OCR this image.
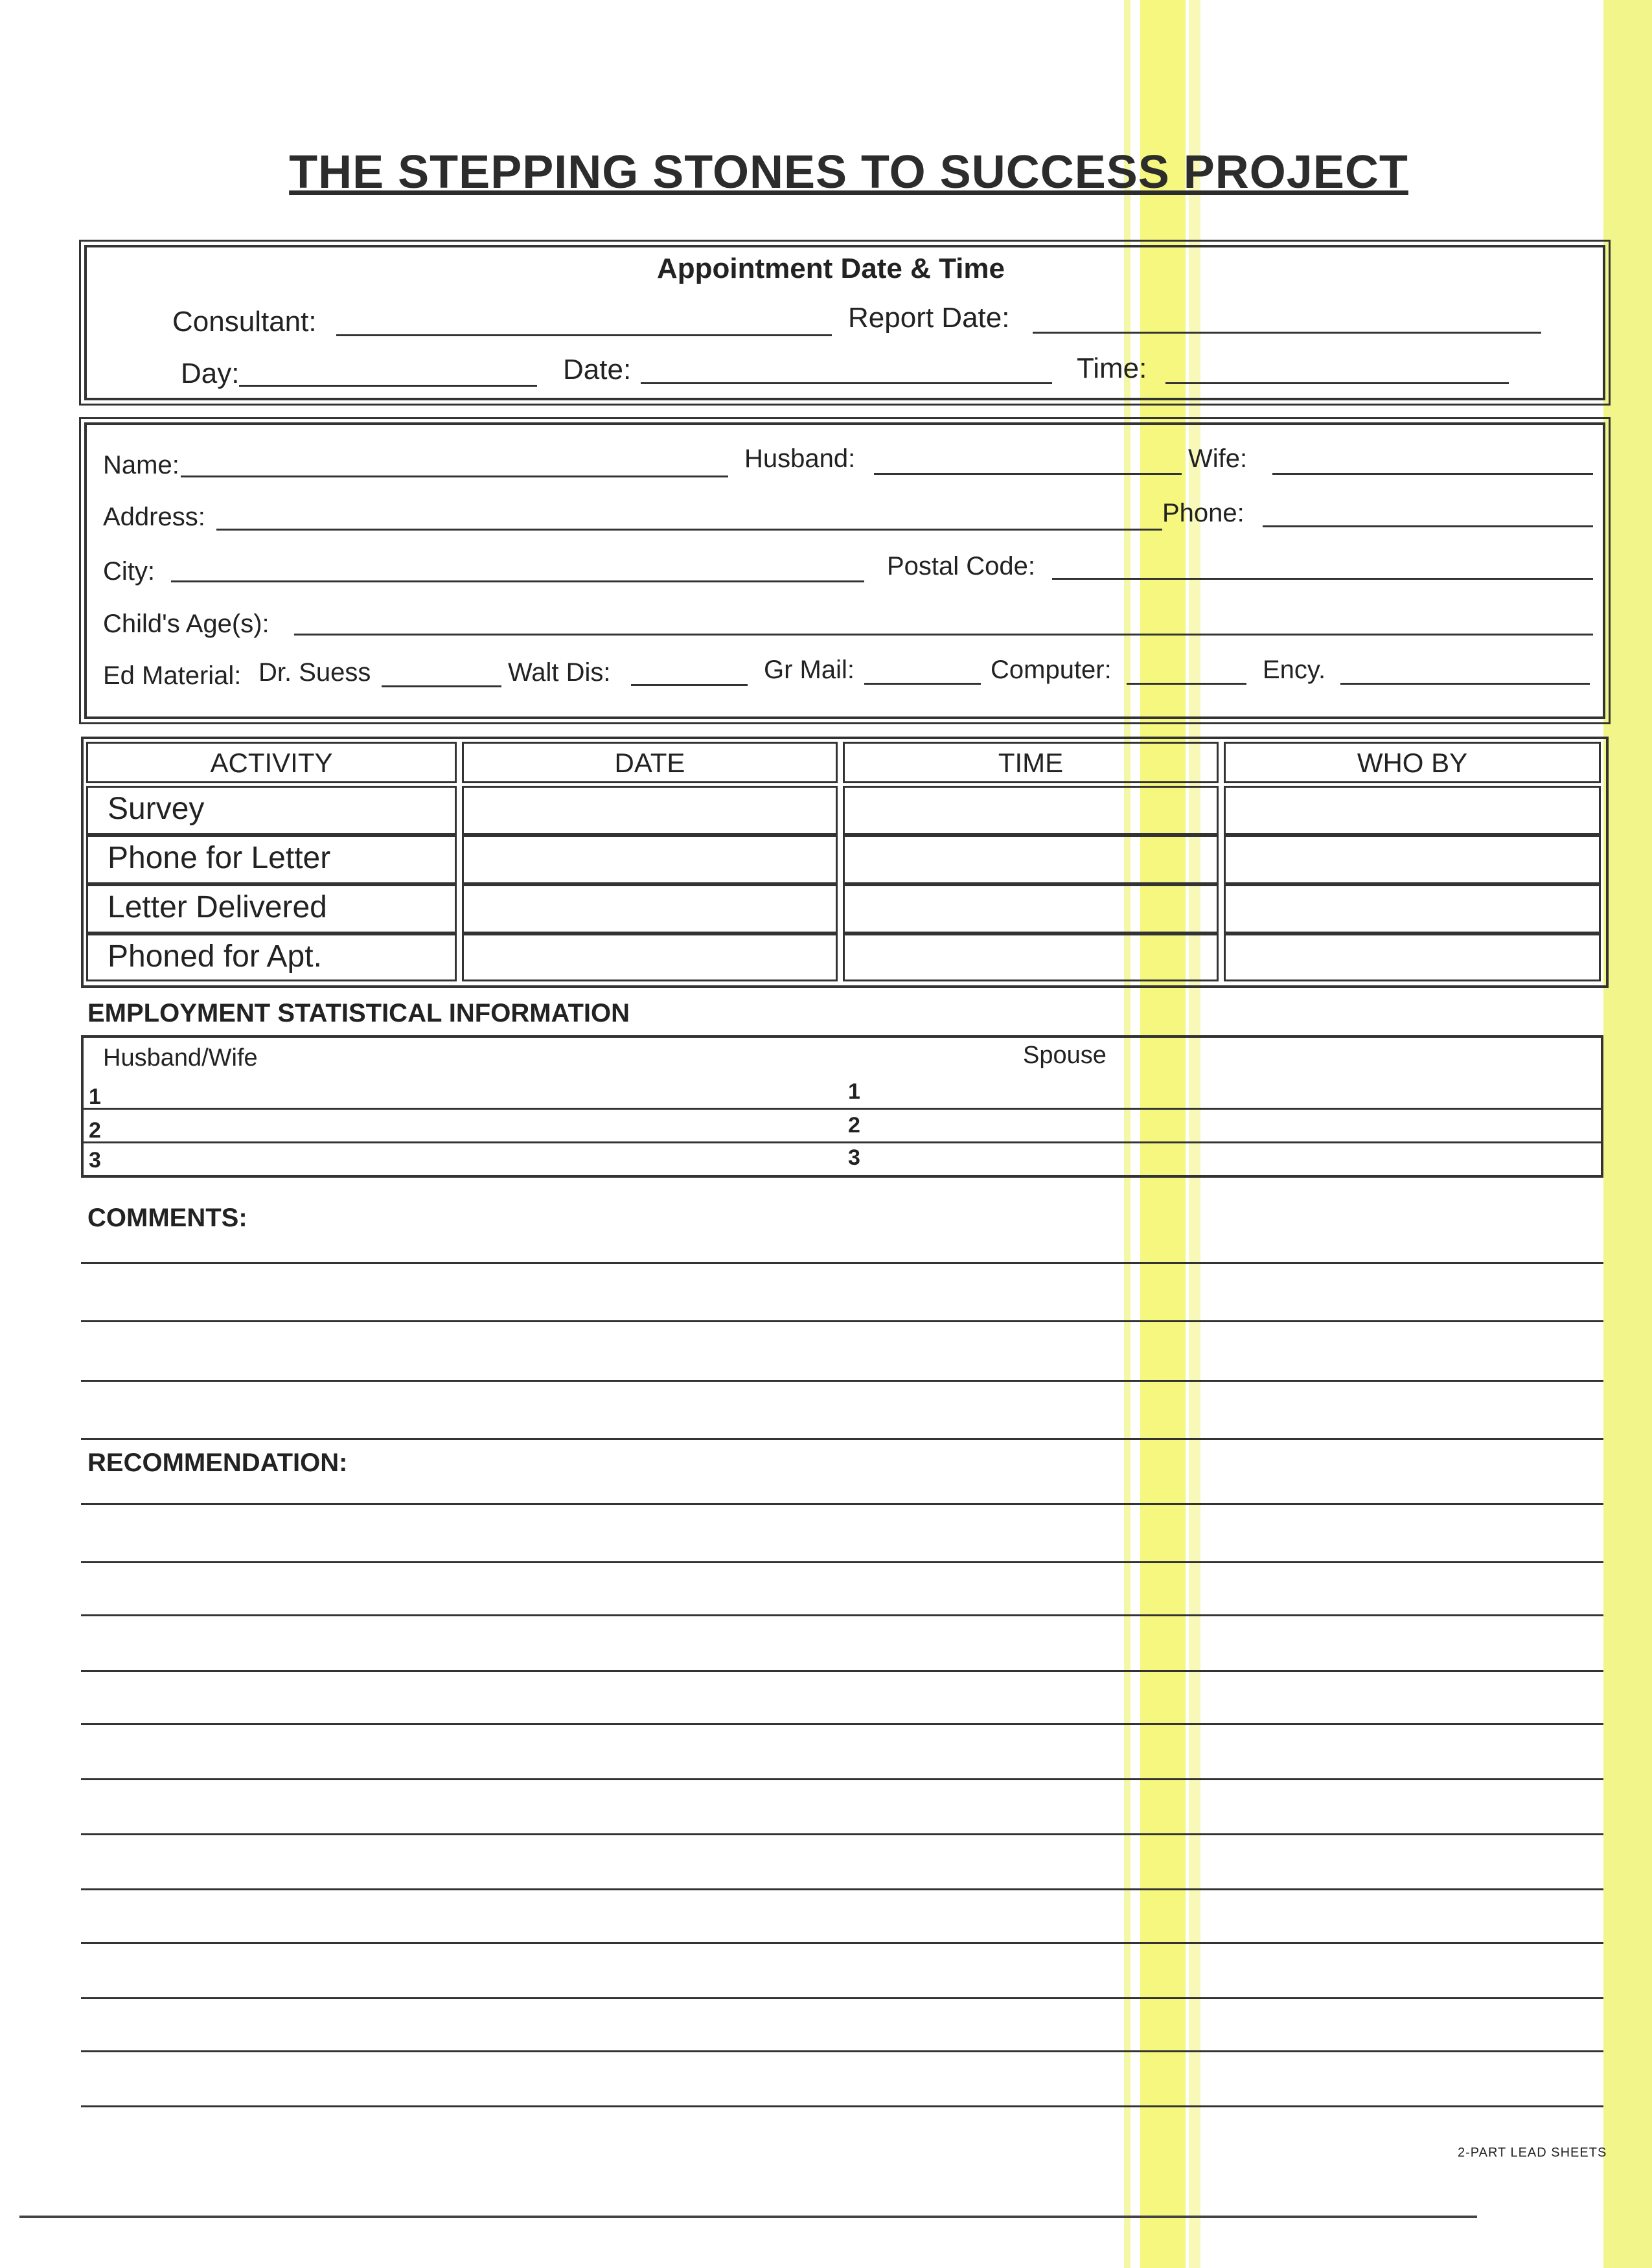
THE STEPPING STONES TO SUCCESS PROJECT
Appointment Date & Time
Consultant:	Report Date:
Day:	Date:	Time:
Name:	Husband:	Wife:
Address:	Phone:
City:	Postal Code:
Child's Age(s):
Ed Material: Dr. Suess	Walt Dis:	Gr Mail:	Computer:	Ency.
ACTIVITY	DATE	TIME	WHO BY
Survey
Phone for Letter
Letter Delivered
Phoned for Apt.
EMPLOYMENT STATISTICAL INFORMATION
Husband/Wife	Spouse
1	1
2	2
3	3
COMMENTS:
RECOMMENDATION:
2-PART LEAD SHEETS
